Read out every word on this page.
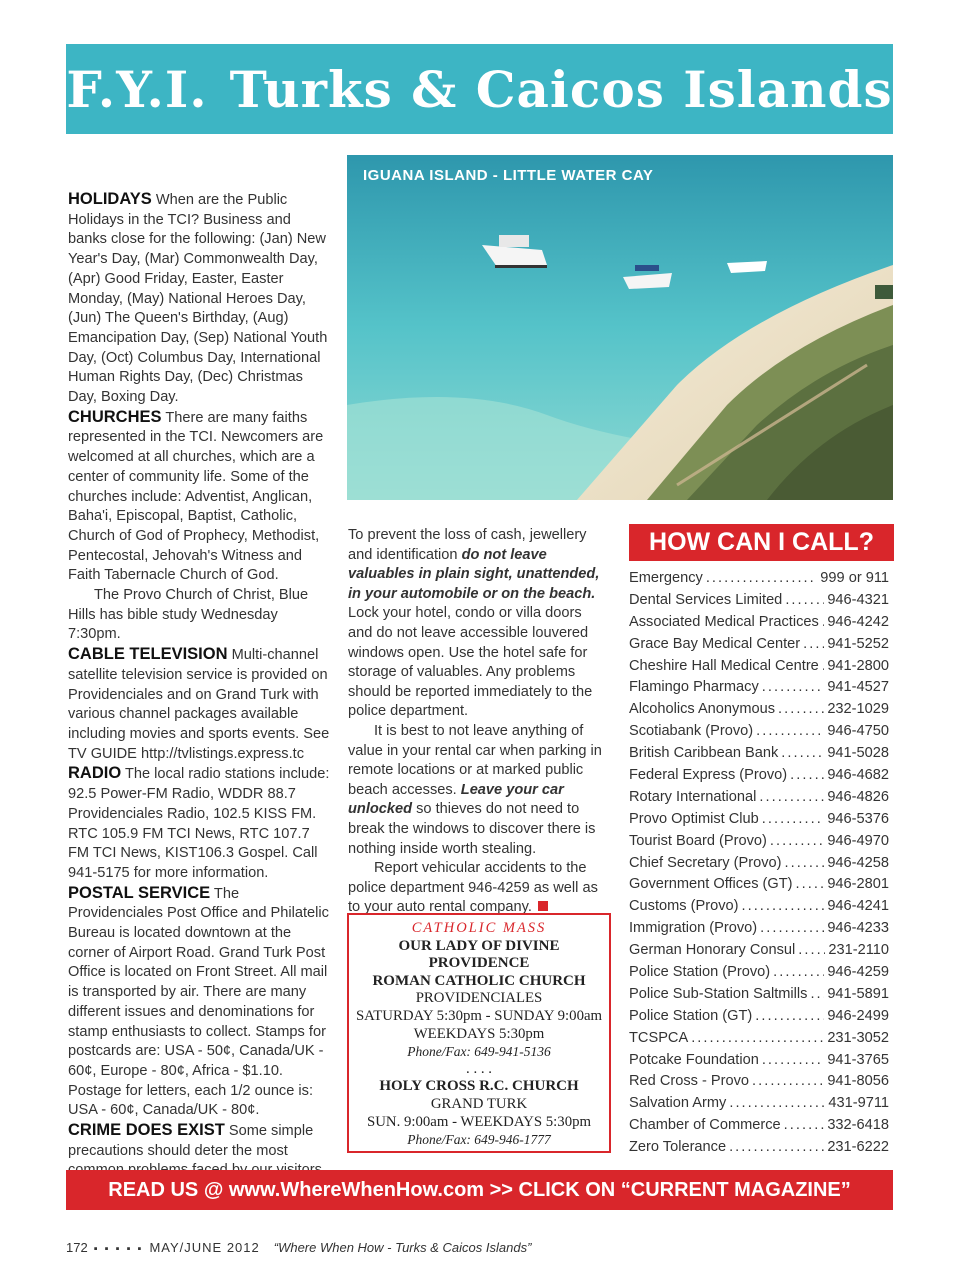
F.Y.I. Turks & Caicos Islands

HOLIDAYS When are the Public Holidays in the TCI? Business and banks close for the following: (Jan) New Year's Day, (Mar) Commonwealth Day, (Apr) Good Friday, Easter, Easter Monday, (May) National Heroes Day, (Jun) The Queen's Birthday, (Aug) Emancipation Day, (Sep) National Youth Day, (Oct) Columbus Day, International Human Rights Day, (Dec) Christmas Day, Boxing Day.

CHURCHES There are many faiths represented in the TCI. Newcomers are welcomed at all churches, which are a center of community life. Some of the churches include: Adventist, Anglican, Baha'i, Episcopal, Baptist, Catholic, Church of God of Prophecy, Methodist, Pentecostal, Jehovah's Witness and Faith Tabernacle Church of God.

The Provo Church of Christ, Blue Hills has bible study Wednesday 7:30pm.

CABLE TELEVISION Multi-channel satellite television service is provided on Providenciales and on Grand Turk with various channel packages available including movies and sports events. See TV GUIDE http://tvlistings.express.tc

RADIO The local radio stations include: 92.5 Power-FM Radio, WDDR 88.7 Providenciales Radio, 102.5 KISS FM. RTC 105.9 FM TCI News, RTC 107.7 FM TCI News, KIST106.3 Gospel. Call 941-5175 for more information.

POSTAL SERVICE The Providenciales Post Office and Philatelic Bureau is located downtown at the corner of Airport Road. Grand Turk Post Office is located on Front Street. All mail is transported by air. There are many different issues and denominations for stamp enthusiasts to collect. Stamps for postcards are: USA - 50¢, Canada/UK - 60¢, Europe - 80¢, Africa - $1.10. Postage for letters, each 1/2 ounce is: USA - 60¢, Canada/UK - 80¢.

CRIME DOES EXIST Some simple precautions should deter the most

IGUANA ISLAND - LITTLE WATER CAY

To prevent the loss of cash, jewellery and identification do not leave valuables in plain sight, unattended, in your automobile or on the beach. Lock your hotel, condo or villa doors and do not leave accessible louvered windows open. Use the hotel safe for storage of valuables. Any problems should be reported immediately to the police department.

It is best to not leave anything of value in your rental car when parking in remote locations or at marked public beach accesses. Leave your car unlocked so thieves do not need to break the windows to discover there is nothing inside worth stealing.

Report vehicular accidents to the police department 946-4259 as well as to your auto rental company.

CATHOLIC MASS
OUR LADY OF DIVINE
PROVIDENCE
ROMAN CATHOLIC CHURCH
PROVIDENCIALES
SATURDAY 5:30pm - SUNDAY 9:00am
WEEKDAYS 5:30pm
Phone/Fax: 649-941-5136
. . . .
HOLY CROSS R.C. CHURCH
GRAND TURK
SUN. 9:00am - WEEKDAYS 5:30pm
Phone/Fax: 649-946-1777
HOW CAN I CALL?
Emergency . . .	999 or 911
Dental Services Limited . . .	946-4321
Associated Medical Practices . . . 946-4242
Grace Bay Medical Center . . . 941-5252
Cheshire Hall Medical Centre . . . 941-2800
Flamingo Pharmacy . . .	941-4527
Alcoholics Anonymous . . .	232-1029
Scotiabank (Provo) . . .	946-4750
British Caribbean Bank . . .	941-5028
Federal Express (Provo) . . .	946-4682
Rotary International . . .	946-4826
Provo Optimist Club . . .	946-5376
Tourist Board (Provo) . . .	946-4970
Chief Secretary (Provo) . . .	946-4258
Government Offices (GT) . . . 946-2801
Customs (Provo) . . .	946-4241
Immigration (Provo) . . .	946-4233
German Honorary Consul . . . 231-2110
Police Station (Provo) . . .	946-4259
Police Sub-Station Saltmills . . . 941-5891
Police Station (GT) . . .	946-2499
TCSPCA . . .	231-3052
Potcake Foundation . . .	941-3765
Red Cross - Provo . . .	941-8056
Salvation Army . . .	431-9711
Chamber of Commerce . . .	332-6418
Zero Tolerance . . .	231-6222
READ US @ www.WhereWhenHow.com >> CLICK ON “CURRENT MAGAZINE”
172 ▪ ▪ ▪ ▪ ▪ MAY/JUNE 2012 “Where When How - Turks & Caicos Islands”
